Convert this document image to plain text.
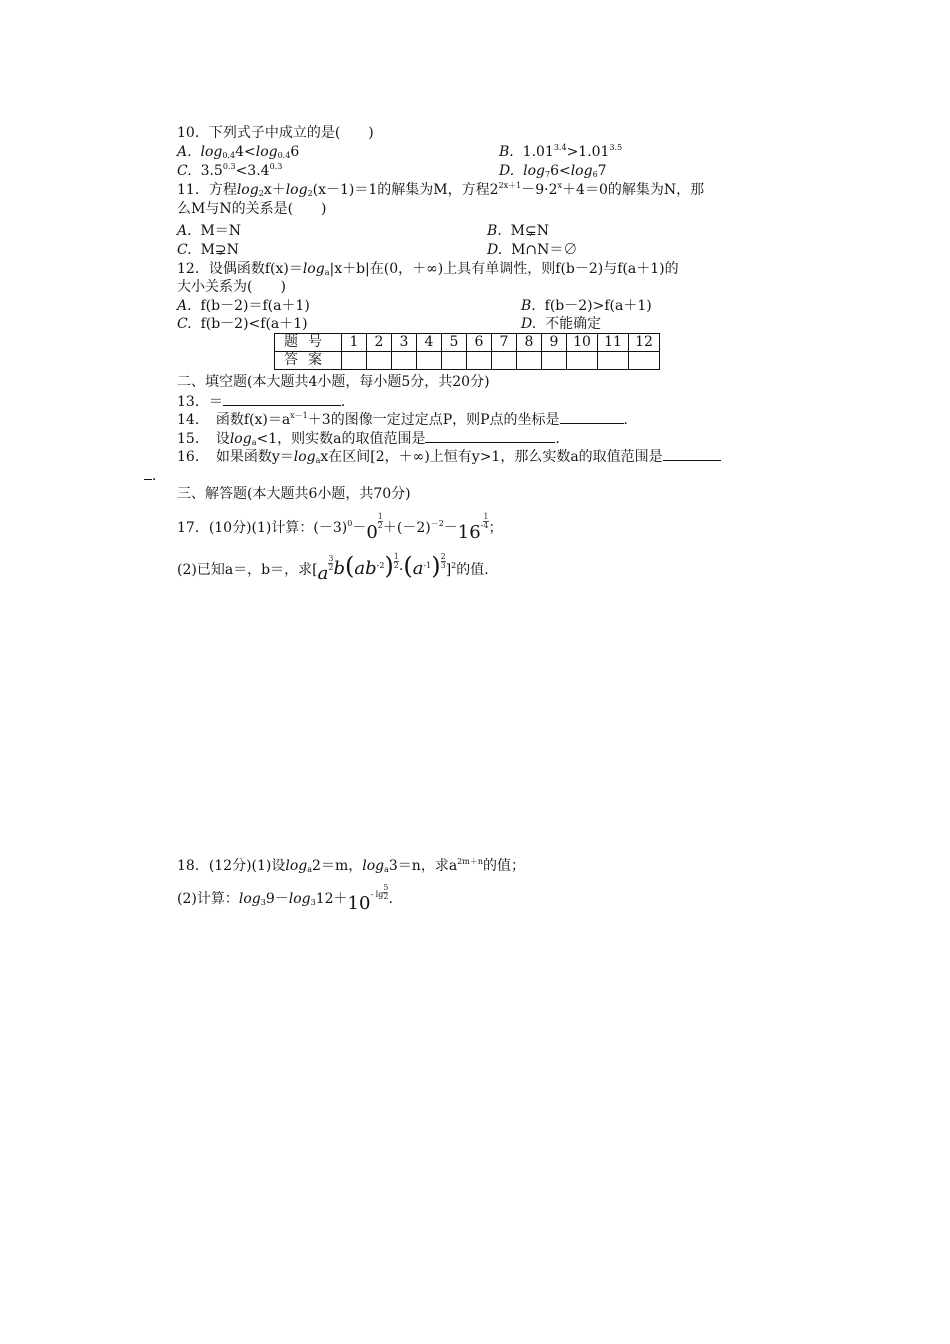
10．下列式子中成立的是(　　)
A. $\log_{0.4}4<\log_{0.4}6$	B. $1.01^{3.4}>1.01^{3.5}$
C. $3.5^{0.3}<3.4^{0.3}$	D. $\log_76<\log_67$
11．方程$\log_2x+\log_2(x-1)=1$的解集为M，方程$2^{2x+1}-9\cdot 2^x+4=0$的解集为N，那
么M与N的关系是(　　)
A. M＝N	B. M⊊N
C. M⊋N	D. M∩N＝∅
12．设偶函数$f(x)=\log_a|x+b|$在(0，＋∞)上具有单调性，则f(b－2)与f(a＋1)的
大小关系为(　　)
A. f(b－2)＝f(a＋1)	B. f(b－2)>f(a＋1)
C. f(b－2)<f(a＋1)	D. 不能确定
题号	1	2	3	4	5	6	7	8	9	10	11	12
答案												
二、填空题(本大题共4小题，每小题5分，共20分)
13．＝	．
14．　函数$f(x)=a^{x-1}+3$的图像一定过定点P，则P点的坐标是	．
15．　设$\log_a<1$，则实数a的取值范围是	．
16．　如果函数$y=\log_ax$在区间[2，＋∞)上恒有y>1，那么实数a的取值范围是
．
三、解答题(本大题共6小题，共70分)
17．(10分)(1)计算：$(-3)^0-0$
$\frac{1}{2} +(-2)^{-2}-16^- \frac{1}{4}$ ；
(2)已知a＝，b＝，求$[a \frac{3}{2} b(ab^{-2}) \frac{1}{2} \cdot(a^{-1}) \frac{2}{3} ]^2$的值.
18．(12分)(1)设$\log_a2=m$，$\log_a3=n$，求$a^{2m+n}$的值；
(2)计算：$\log_39-\log_312+10^{- lg} \frac{5}{2}$ .
